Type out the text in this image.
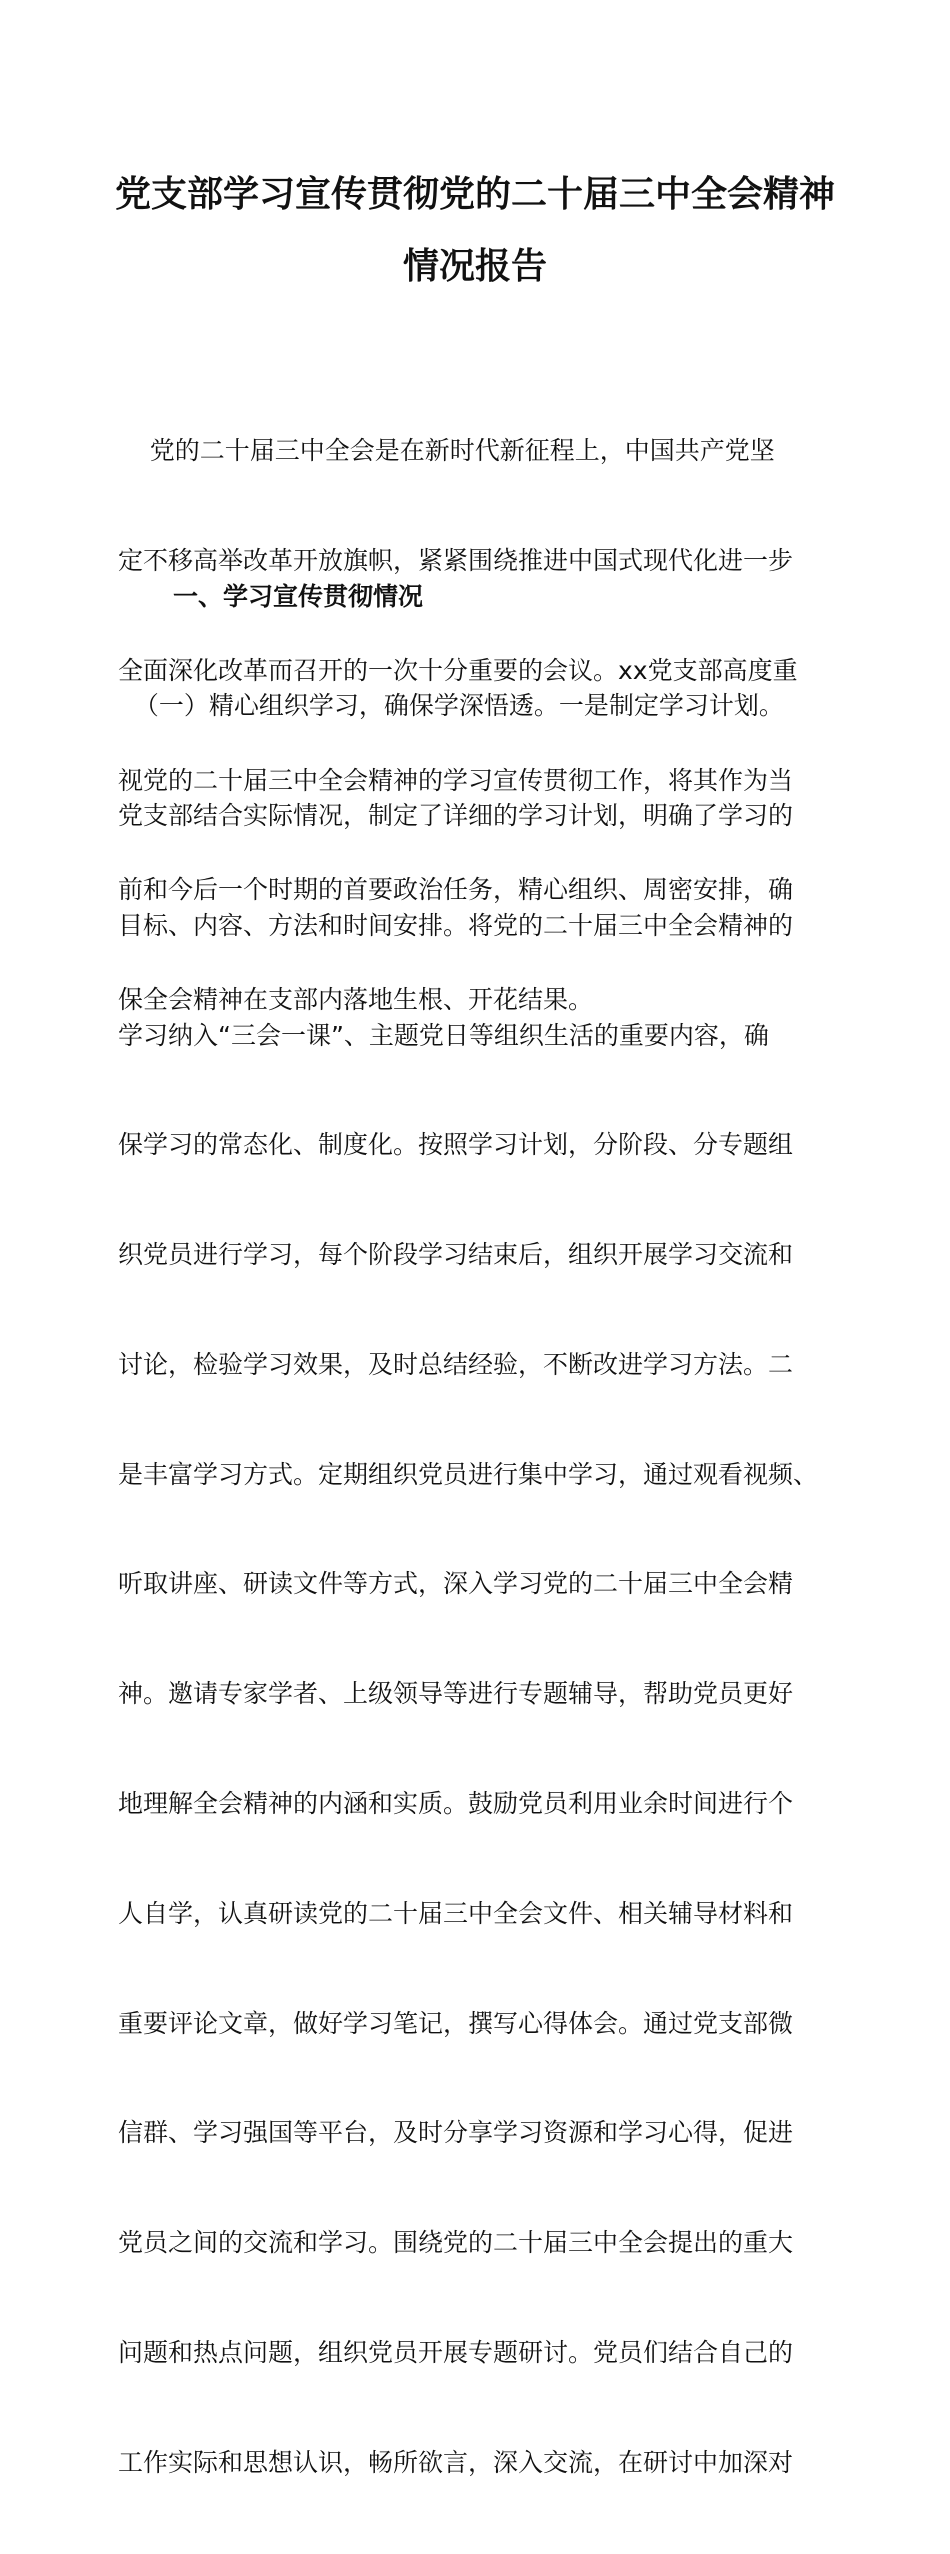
党支部学习宣传贯彻党的二十届三中全会精神
情况报告

党的二十届三中全会是在新时代新征程上，中国共产党坚

定不移高举改革开放旗帜，紧紧围绕推进中国式现代化进一步

全面深化改革而召开的一次十分重要的会议。xx党支部高度重

视党的二十届三中全会精神的学习宣传贯彻工作，将其作为当

前和今后一个时期的首要政治任务，精心组织、周密安排，确

保全会精神在支部内落地生根、开花结果。

一、学习宣传贯彻情况

（一）精心组织学习，确保学深悟透。一是制定学习计划。

党支部结合实际情况，制定了详细的学习计划，明确了学习的

目标、内容、方法和时间安排。将党的二十届三中全会精神的

学习纳入“三会一课”、主题党日等组织生活的重要内容，确

保学习的常态化、制度化。按照学习计划，分阶段、分专题组

织党员进行学习，每个阶段学习结束后，组织开展学习交流和

讨论，检验学习效果，及时总结经验，不断改进学习方法。二

是丰富学习方式。定期组织党员进行集中学习，通过观看视频、

听取讲座、研读文件等方式，深入学习党的二十届三中全会精

神。邀请专家学者、上级领导等进行专题辅导，帮助党员更好

地理解全会精神的内涵和实质。鼓励党员利用业余时间进行个

人自学，认真研读党的二十届三中全会文件、相关辅导材料和

重要评论文章，做好学习笔记，撰写心得体会。通过党支部微

信群、学习强国等平台，及时分享学习资源和学习心得，促进

党员之间的交流和学习。围绕党的二十届三中全会提出的重大

问题和热点问题，组织党员开展专题研讨。党员们结合自己的

工作实际和思想认识，畅所欲言，深入交流，在研讨中加深对
